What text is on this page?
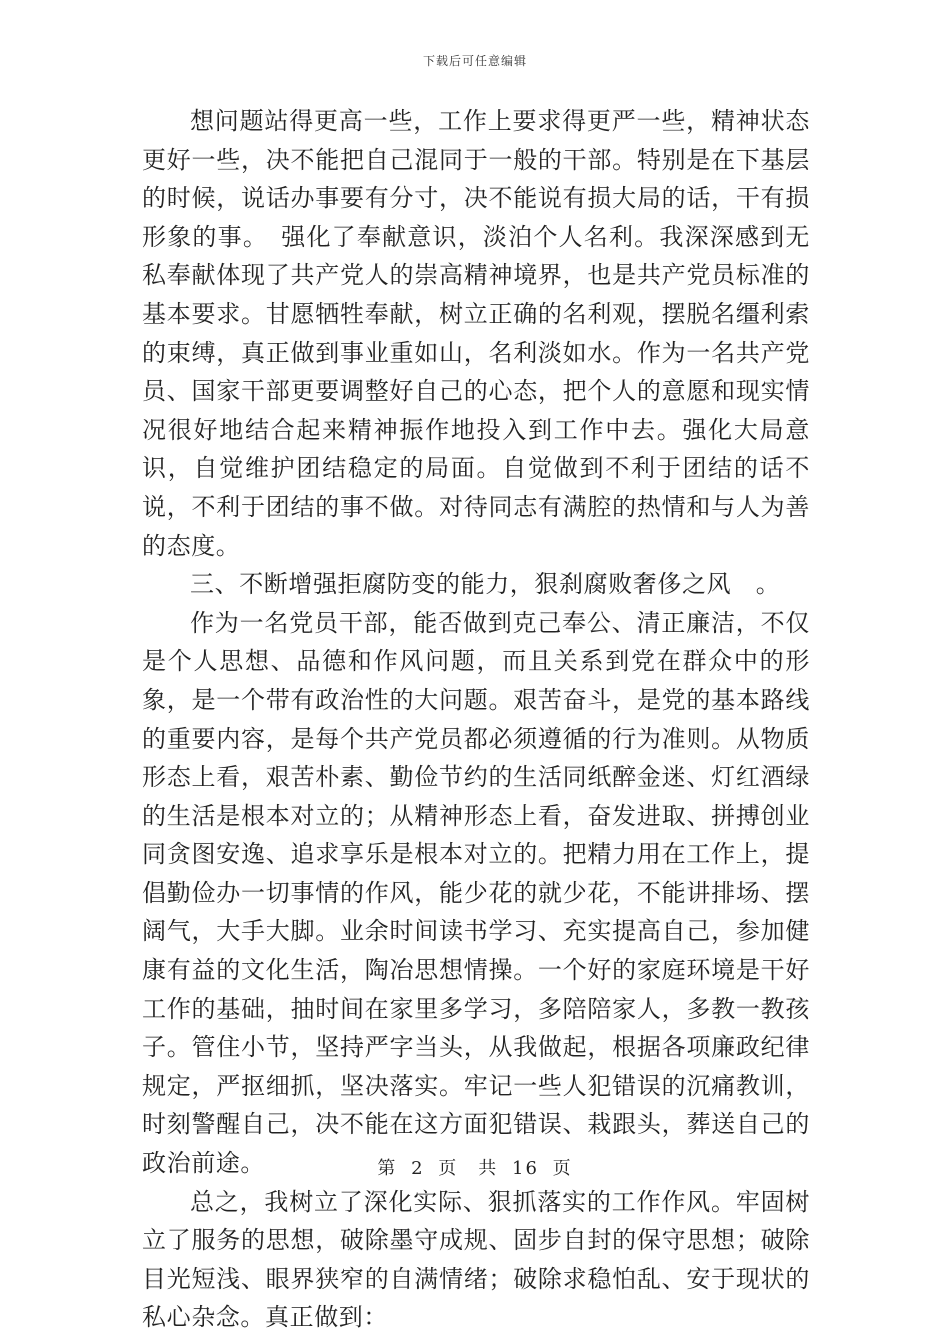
下载后可任意编辑

想问题站得更高一些，工作上要求得更严一些，精神状态更好一些，决不能把自己混同于一般的干部。特别是在下基层的时候，说话办事要有分寸，决不能说有损大局的话，干有损形象的事。　强化了奉献意识，淡泊个人名利。我深深感到无私奉献体现了共产党人的崇高精神境界，也是共产党员标准的基本要求。甘愿牺牲奉献，树立正确的名利观，摆脱名缰利索的束缚，真正做到事业重如山，名利淡如水。作为一名共产党员、国家干部更要调整好自己的心态，把个人的意愿和现实情况很好地结合起来精神振作地投入到工作中去。强化大局意识，自觉维护团结稳定的局面。自觉做到不利于团结的话不说，不利于团结的事不做。对待同志有满腔的热情和与人为善的态度。

三、不断增强拒腐防变的能力，狠刹腐败奢侈之风　。

作为一名党员干部，能否做到克己奉公、清正廉洁，不仅是个人思想、品德和作风问题，而且关系到党在群众中的形象，是一个带有政治性的大问题。艰苦奋斗，是党的基本路线的重要内容，是每个共产党员都必须遵循的行为准则。从物质形态上看，艰苦朴素、勤俭节约的生活同纸醉金迷、灯红酒绿的生活是根本对立的；从精神形态上看，奋发进取、拼搏创业同贪图安逸、追求享乐是根本对立的。把精力用在工作上，提倡勤俭办一切事情的作风，能少花的就少花，不能讲排场、摆阔气，大手大脚。业余时间读书学习、充实提高自己，参加健康有益的文化生活，陶冶思想情操。一个好的家庭环境是干好工作的基础，抽时间在家里多学习，多陪陪家人，多教一教孩子。管住小节，坚持严字当头，从我做起，根据各项廉政纪律规定，严抠细抓，坚决落实。牢记一些人犯错误的沉痛教训，时刻警醒自己，决不能在这方面犯错误、栽跟头，葬送自己的政治前途。

总之，我树立了深化实际、狠抓落实的工作作风。牢固树立了服务的思想，破除墨守成规、固步自封的保守思想；破除目光短浅、眼界狭窄的自满情绪；破除求稳怕乱、安于现状的私心杂念。真正做到：

第 2 页　共 16 页
